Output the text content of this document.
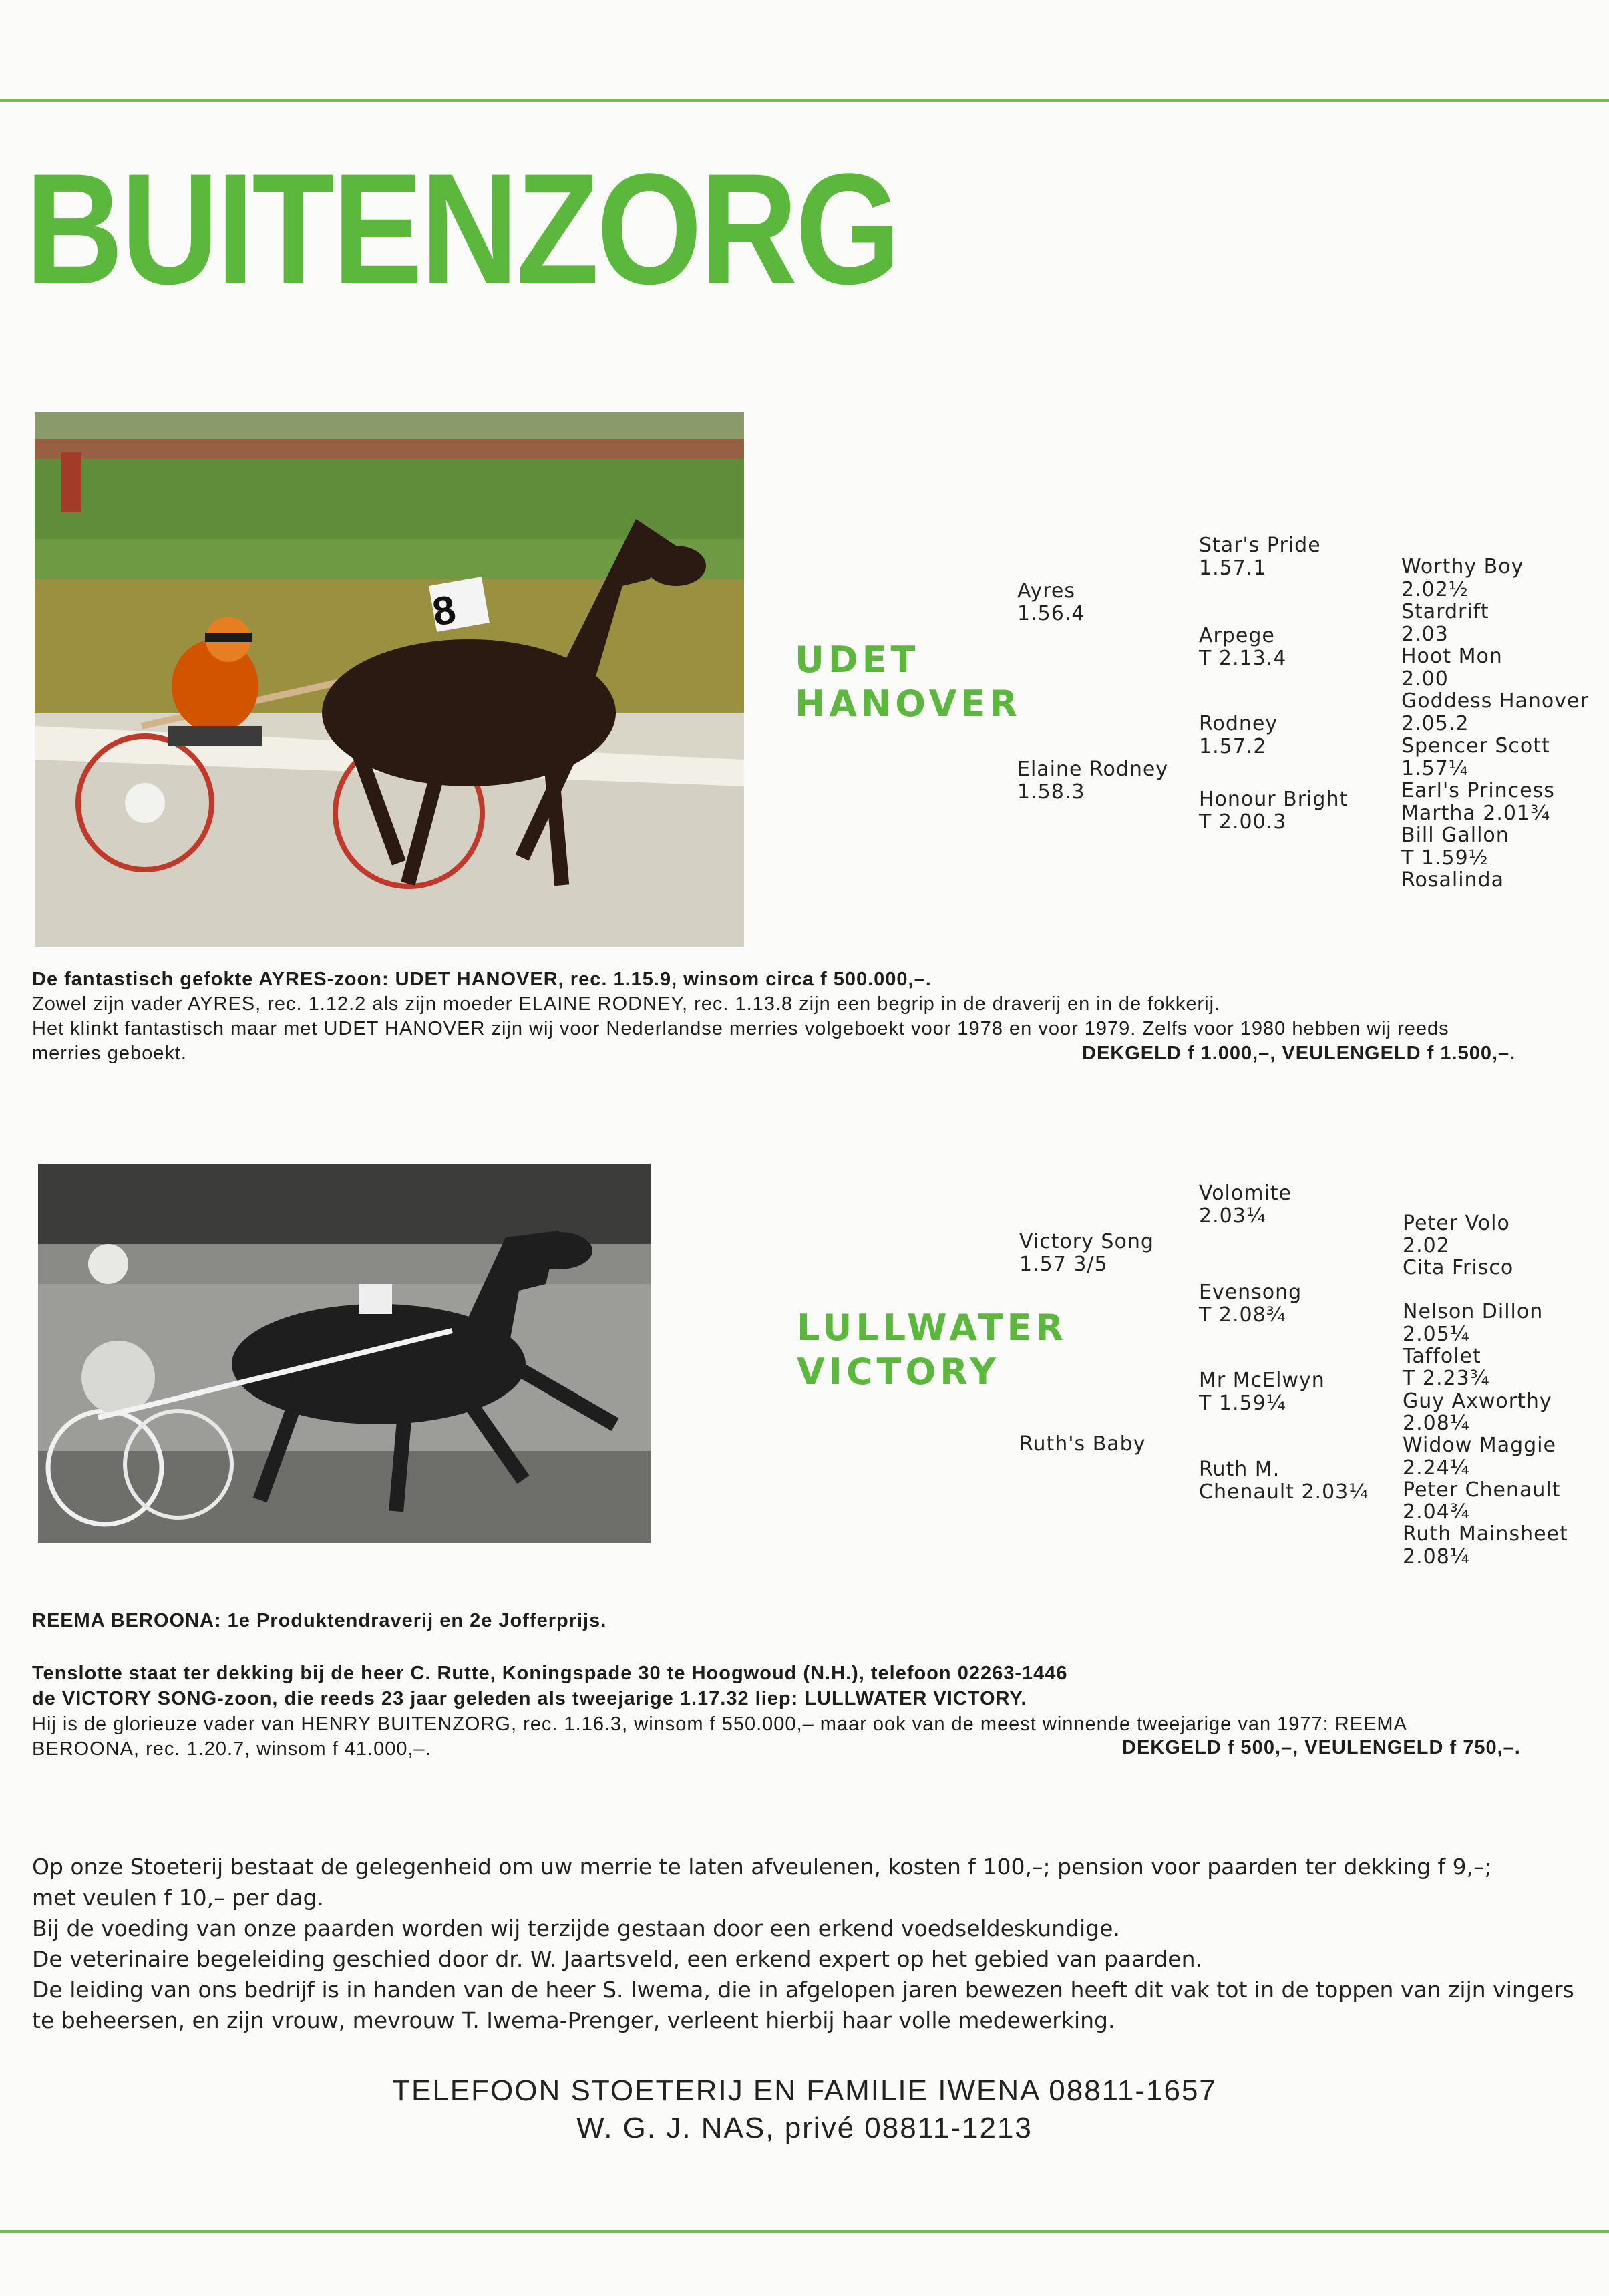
BUITENZORG
8
UDET
HANOVER
Ayres
1.56.4
Elaine Rodney
1.58.3
Star's Pride
1.57.1
Arpege
T 2.13.4
Rodney
1.57.2
Honour Bright
T 2.00.3

Worthy Boy
2.02½
Stardrift
2.03
Hoot Mon
2.00
Goddess Hanover
2.05.2
Spencer Scott
1.57¼
Earl's Princess
Martha 2.01¾
Bill Gallon
T 1.59½
Rosalinda

De fantastisch gefokte AYRES-zoon: UDET HANOVER, rec. 1.15.9, winsom circa f 500.000,–.
Zowel zijn vader AYRES, rec. 1.12.2 als zijn moeder ELAINE RODNEY, rec. 1.13.8 zijn een begrip in de draverij en in de fokkerij.
Het klinkt fantastisch maar met UDET HANOVER zijn wij voor Nederlandse merries volgeboekt voor 1978 en voor 1979. Zelfs voor 1980 hebben wij reeds
merries geboekt.	DEKGELD f 1.000,–, VEULENGELD f 1.500,–.
LULLWATER
VICTORY
Victory Song
1.57 3/5
Ruth's Baby
Volomite
2.03¼
Evensong
T 2.08¾
Mr McElwyn
T 1.59¼
Ruth M.
Chenault 2.03¼

Peter Volo
2.02
Cita Frisco
Nelson Dillon
2.05¼
Taffolet
T 2.23¾
Guy Axworthy
2.08¼
Widow Maggie
2.24¼
Peter Chenault
2.04¾
Ruth Mainsheet
2.08¼

REEMA BEROONA: 1e Produktendraverij en 2e Jofferprijs.
Tenslotte staat ter dekking bij de heer C. Rutte, Koningspade 30 te Hoogwoud (N.H.), telefoon 02263-1446
de VICTORY SONG-zoon, die reeds 23 jaar geleden als tweejarige 1.17.32 liep: LULLWATER VICTORY.
Hij is de glorieuze vader van HENRY BUITENZORG, rec. 1.16.3, winsom f 550.000,– maar ook van de meest winnende tweejarige van 1977: REEMA
BEROONA, rec. 1.20.7, winsom f 41.000,–.	DEKGELD f 500,–, VEULENGELD f 750,–.
Op onze Stoeterij bestaat de gelegenheid om uw merrie te laten afveulenen, kosten f 100,–; pension voor paarden ter dekking f 9,–;
met veulen f 10,– per dag.
Bij de voeding van onze paarden worden wij terzijde gestaan door een erkend voedseldeskundige.
De veterinaire begeleiding geschied door dr. W. Jaartsveld, een erkend expert op het gebied van paarden.
De leiding van ons bedrijf is in handen van de heer S. Iwema, die in afgelopen jaren bewezen heeft dit vak tot in de toppen van zijn vingers
te beheersen, en zijn vrouw, mevrouw T. Iwema-Prenger, verleent hierbij haar volle medewerking.
TELEFOON STOETERIJ EN FAMILIE IWENA 08811-1657
W. G. J. NAS, privé 08811-1213
